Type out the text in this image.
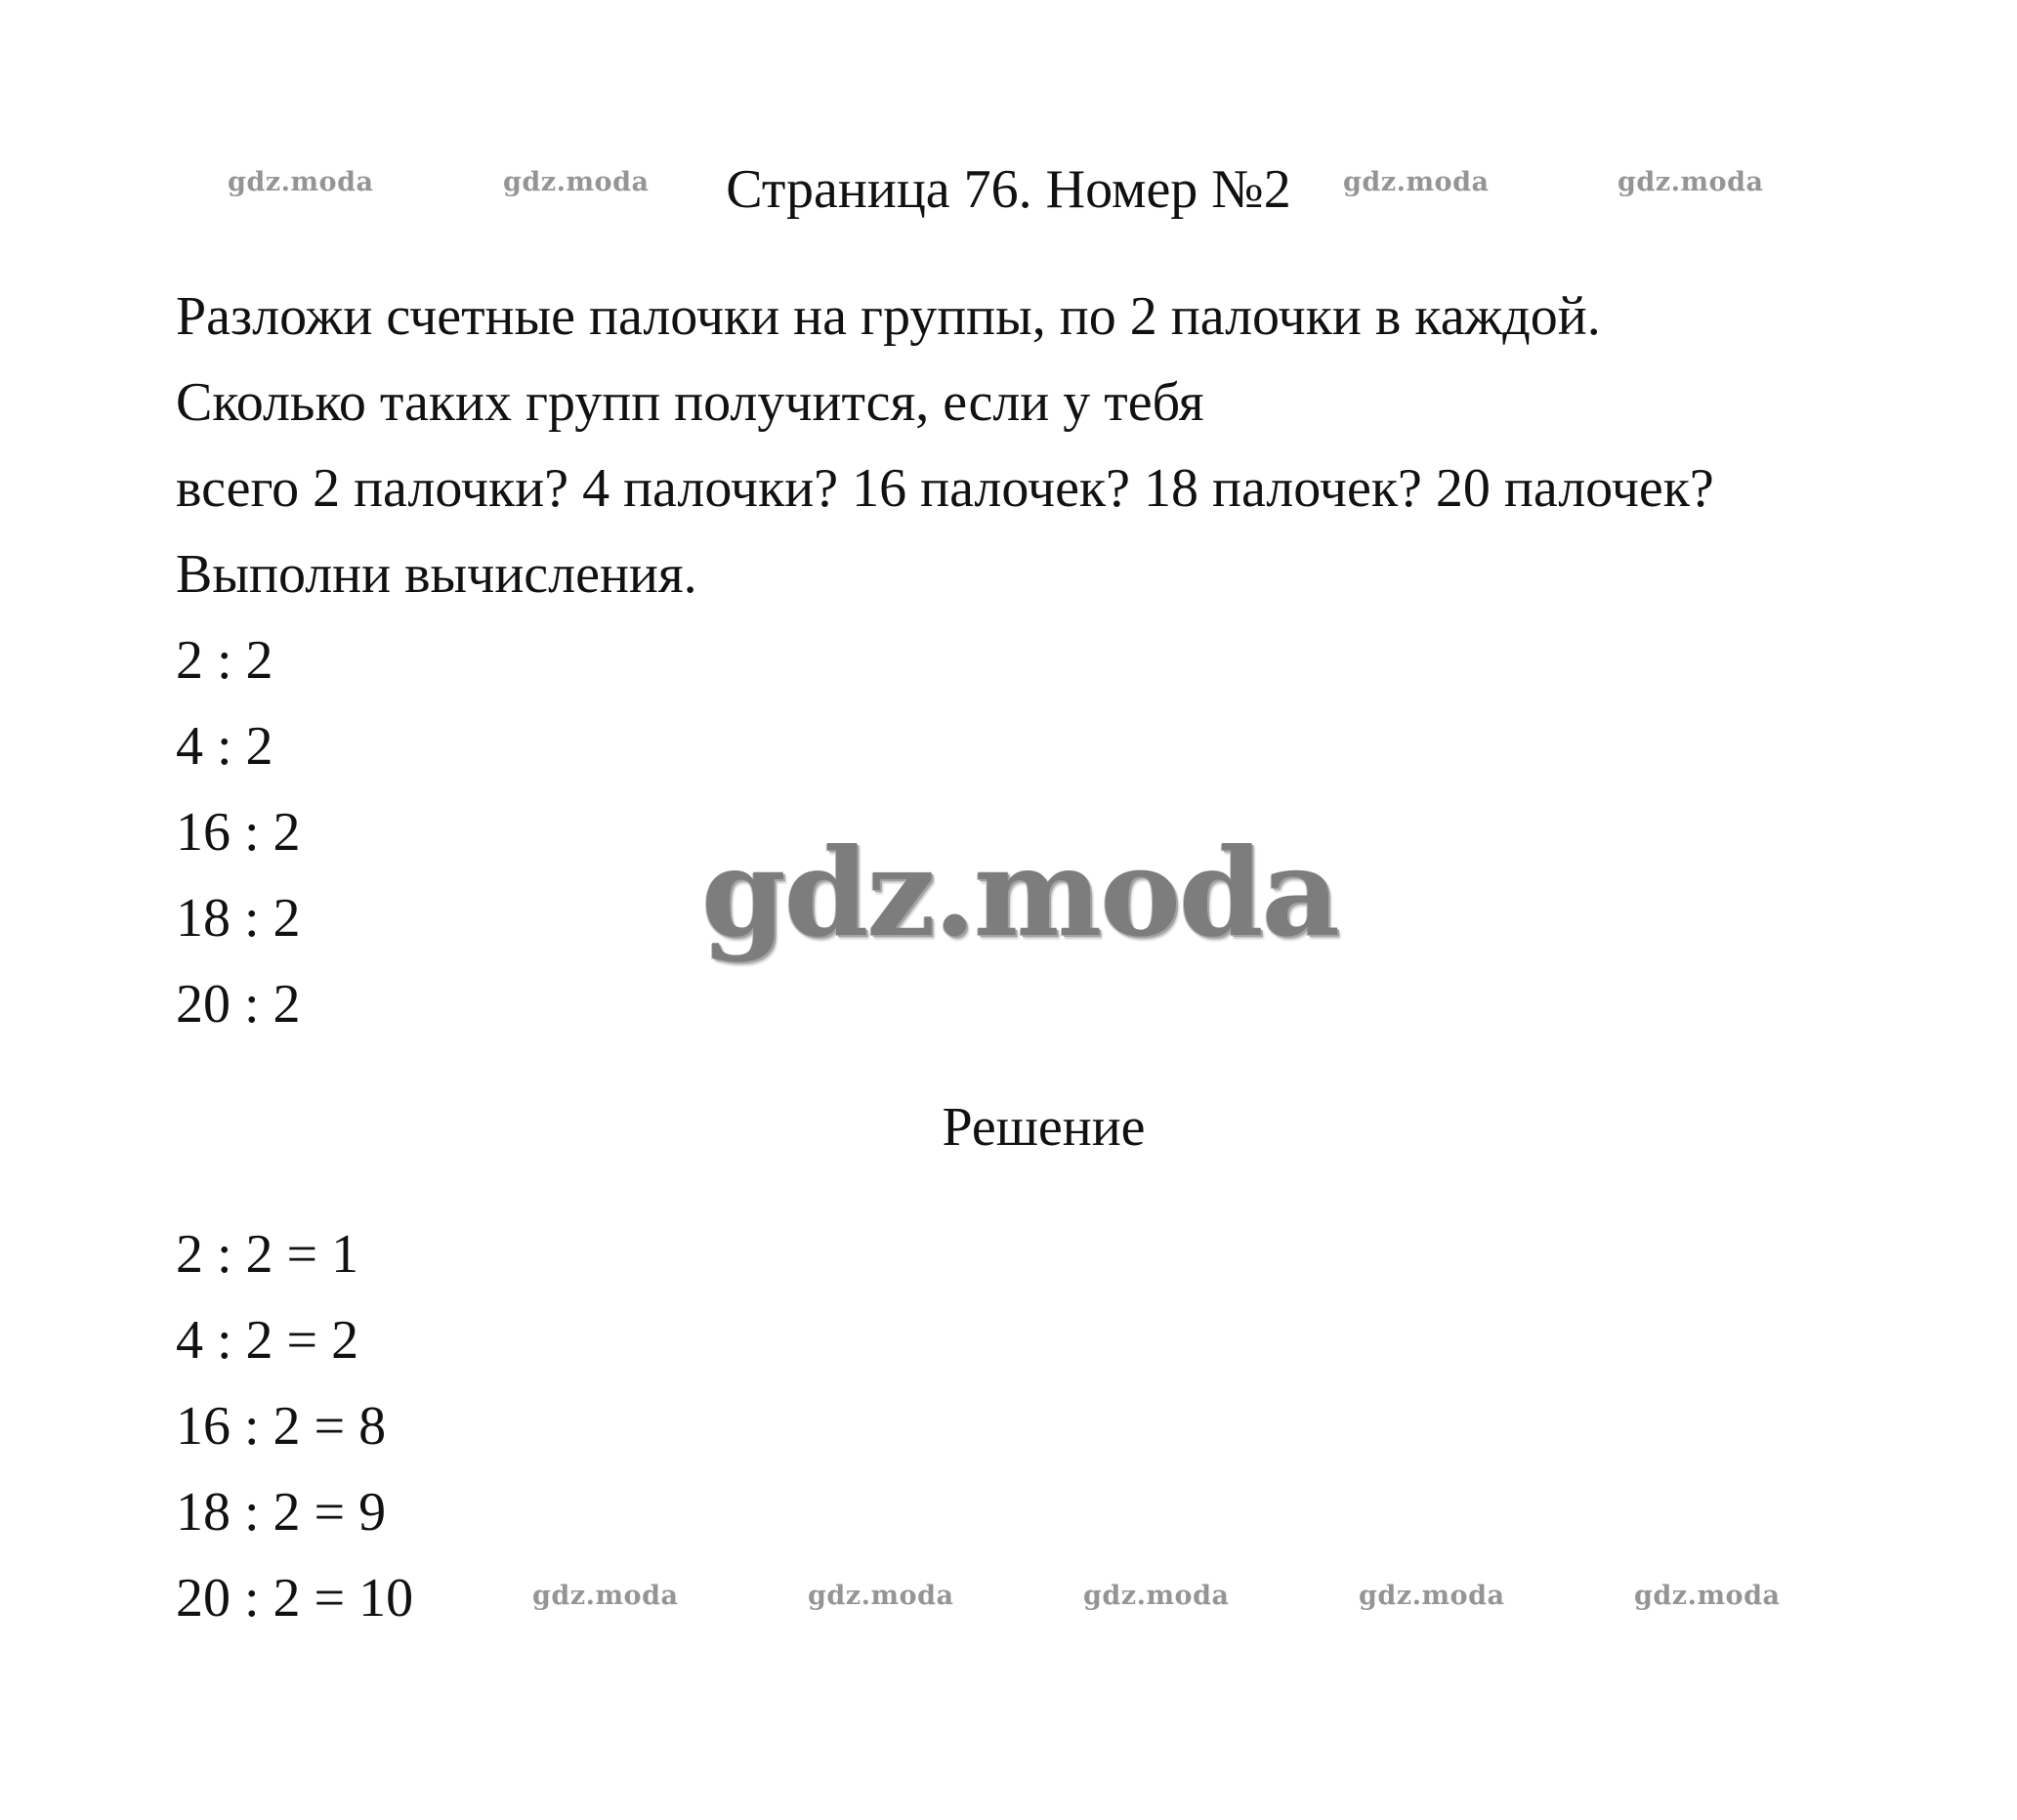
gdz.moda	gdz.moda	Страница 76. Номер №2	gdz.moda	gdz.moda
Разложи счетные палочки на группы, по 2 палочки в каждой.
Сколько таких групп получится, если у тебя
всего 2 палочки? 4 палочки? 16 палочек? 18 палочек? 20 палочек?
Выполни вычисления.
2 : 2
4 : 2
16 : 2
18 : 2
20 : 2
gdz.moda
Решение
2 : 2 = 1
4 : 2 = 2
16 : 2 = 8
18 : 2 = 9
20 : 2 = 10	gdz.moda	gdz.moda	gdz.moda	gdz.moda	gdz.moda
